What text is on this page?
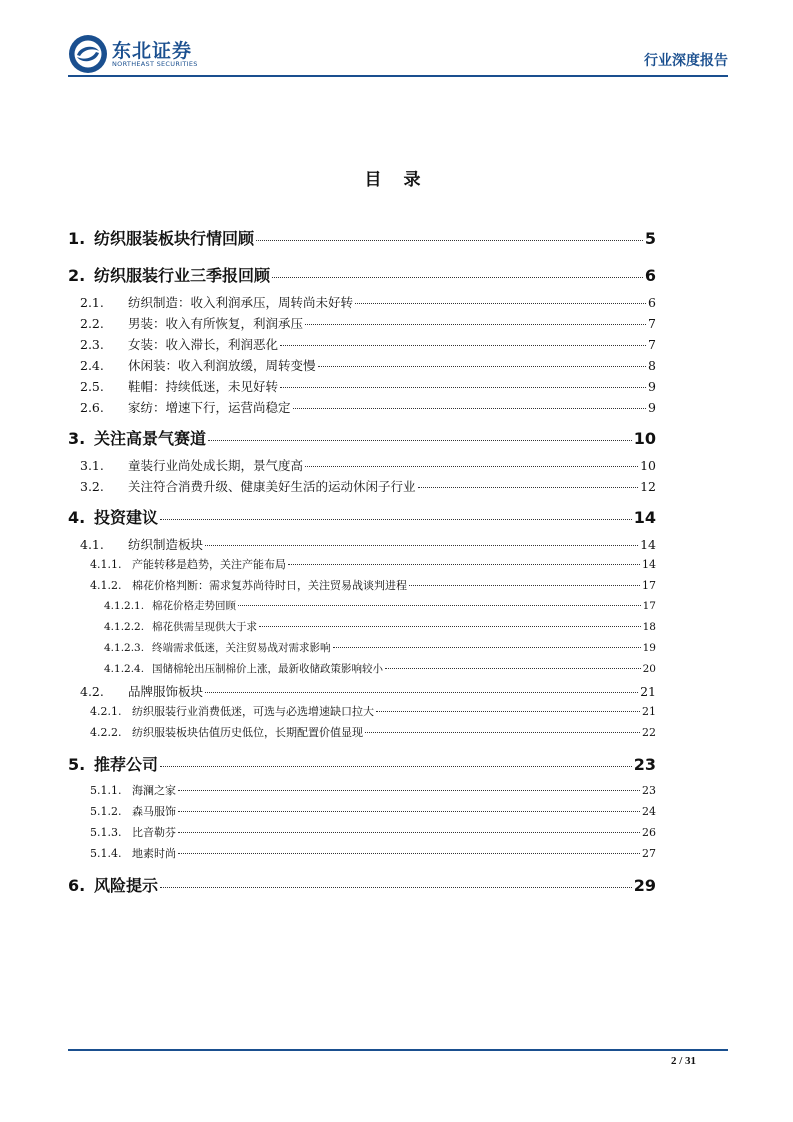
东北证券
NORTHEAST SECURITIES	行业深度报告
目 录
1. 纺织服装板块行情回顾	5
2. 纺织服装行业三季报回顾	6
2.1.	纺织制造：收入利润承压，周转尚未好转	6
2.2.	男装：收入有所恢复，利润承压	7
2.3.	女装：收入滞长，利润恶化	7
2.4.	休闲装：收入利润放缓，周转变慢	8
2.5.	鞋帽：持续低迷，未见好转	9
2.6.	家纺：增速下行，运营尚稳定	9
3. 关注高景气赛道	10
3.1.	童装行业尚处成长期，景气度高	10
3.2.	关注符合消费升级、健康美好生活的运动休闲子行业	12
4. 投资建议	14
4.1.	纺织制造板块	14
4.1.1. 产能转移是趋势，关注产能布局	14
4.1.2. 棉花价格判断：需求复苏尚待时日，关注贸易战谈判进程	17
4.1.2.1. 棉花价格走势回顾	17
4.1.2.2. 棉花供需呈现供大于求	18
4.1.2.3. 终端需求低迷，关注贸易战对需求影响	19
4.1.2.4. 国储棉轮出压制棉价上涨，最新收储政策影响较小	20
4.2.	品牌服饰板块	21
4.2.1. 纺织服装行业消费低迷，可选与必选增速缺口拉大	21
4.2.2. 纺织服装板块估值历史低位，长期配置价值显现	22
5. 推荐公司	23
5.1.1. 海澜之家	23
5.1.2. 森马服饰	24
5.1.3. 比音勒芬	26
5.1.4. 地素时尚	27
6. 风险提示	29
2 / 31
